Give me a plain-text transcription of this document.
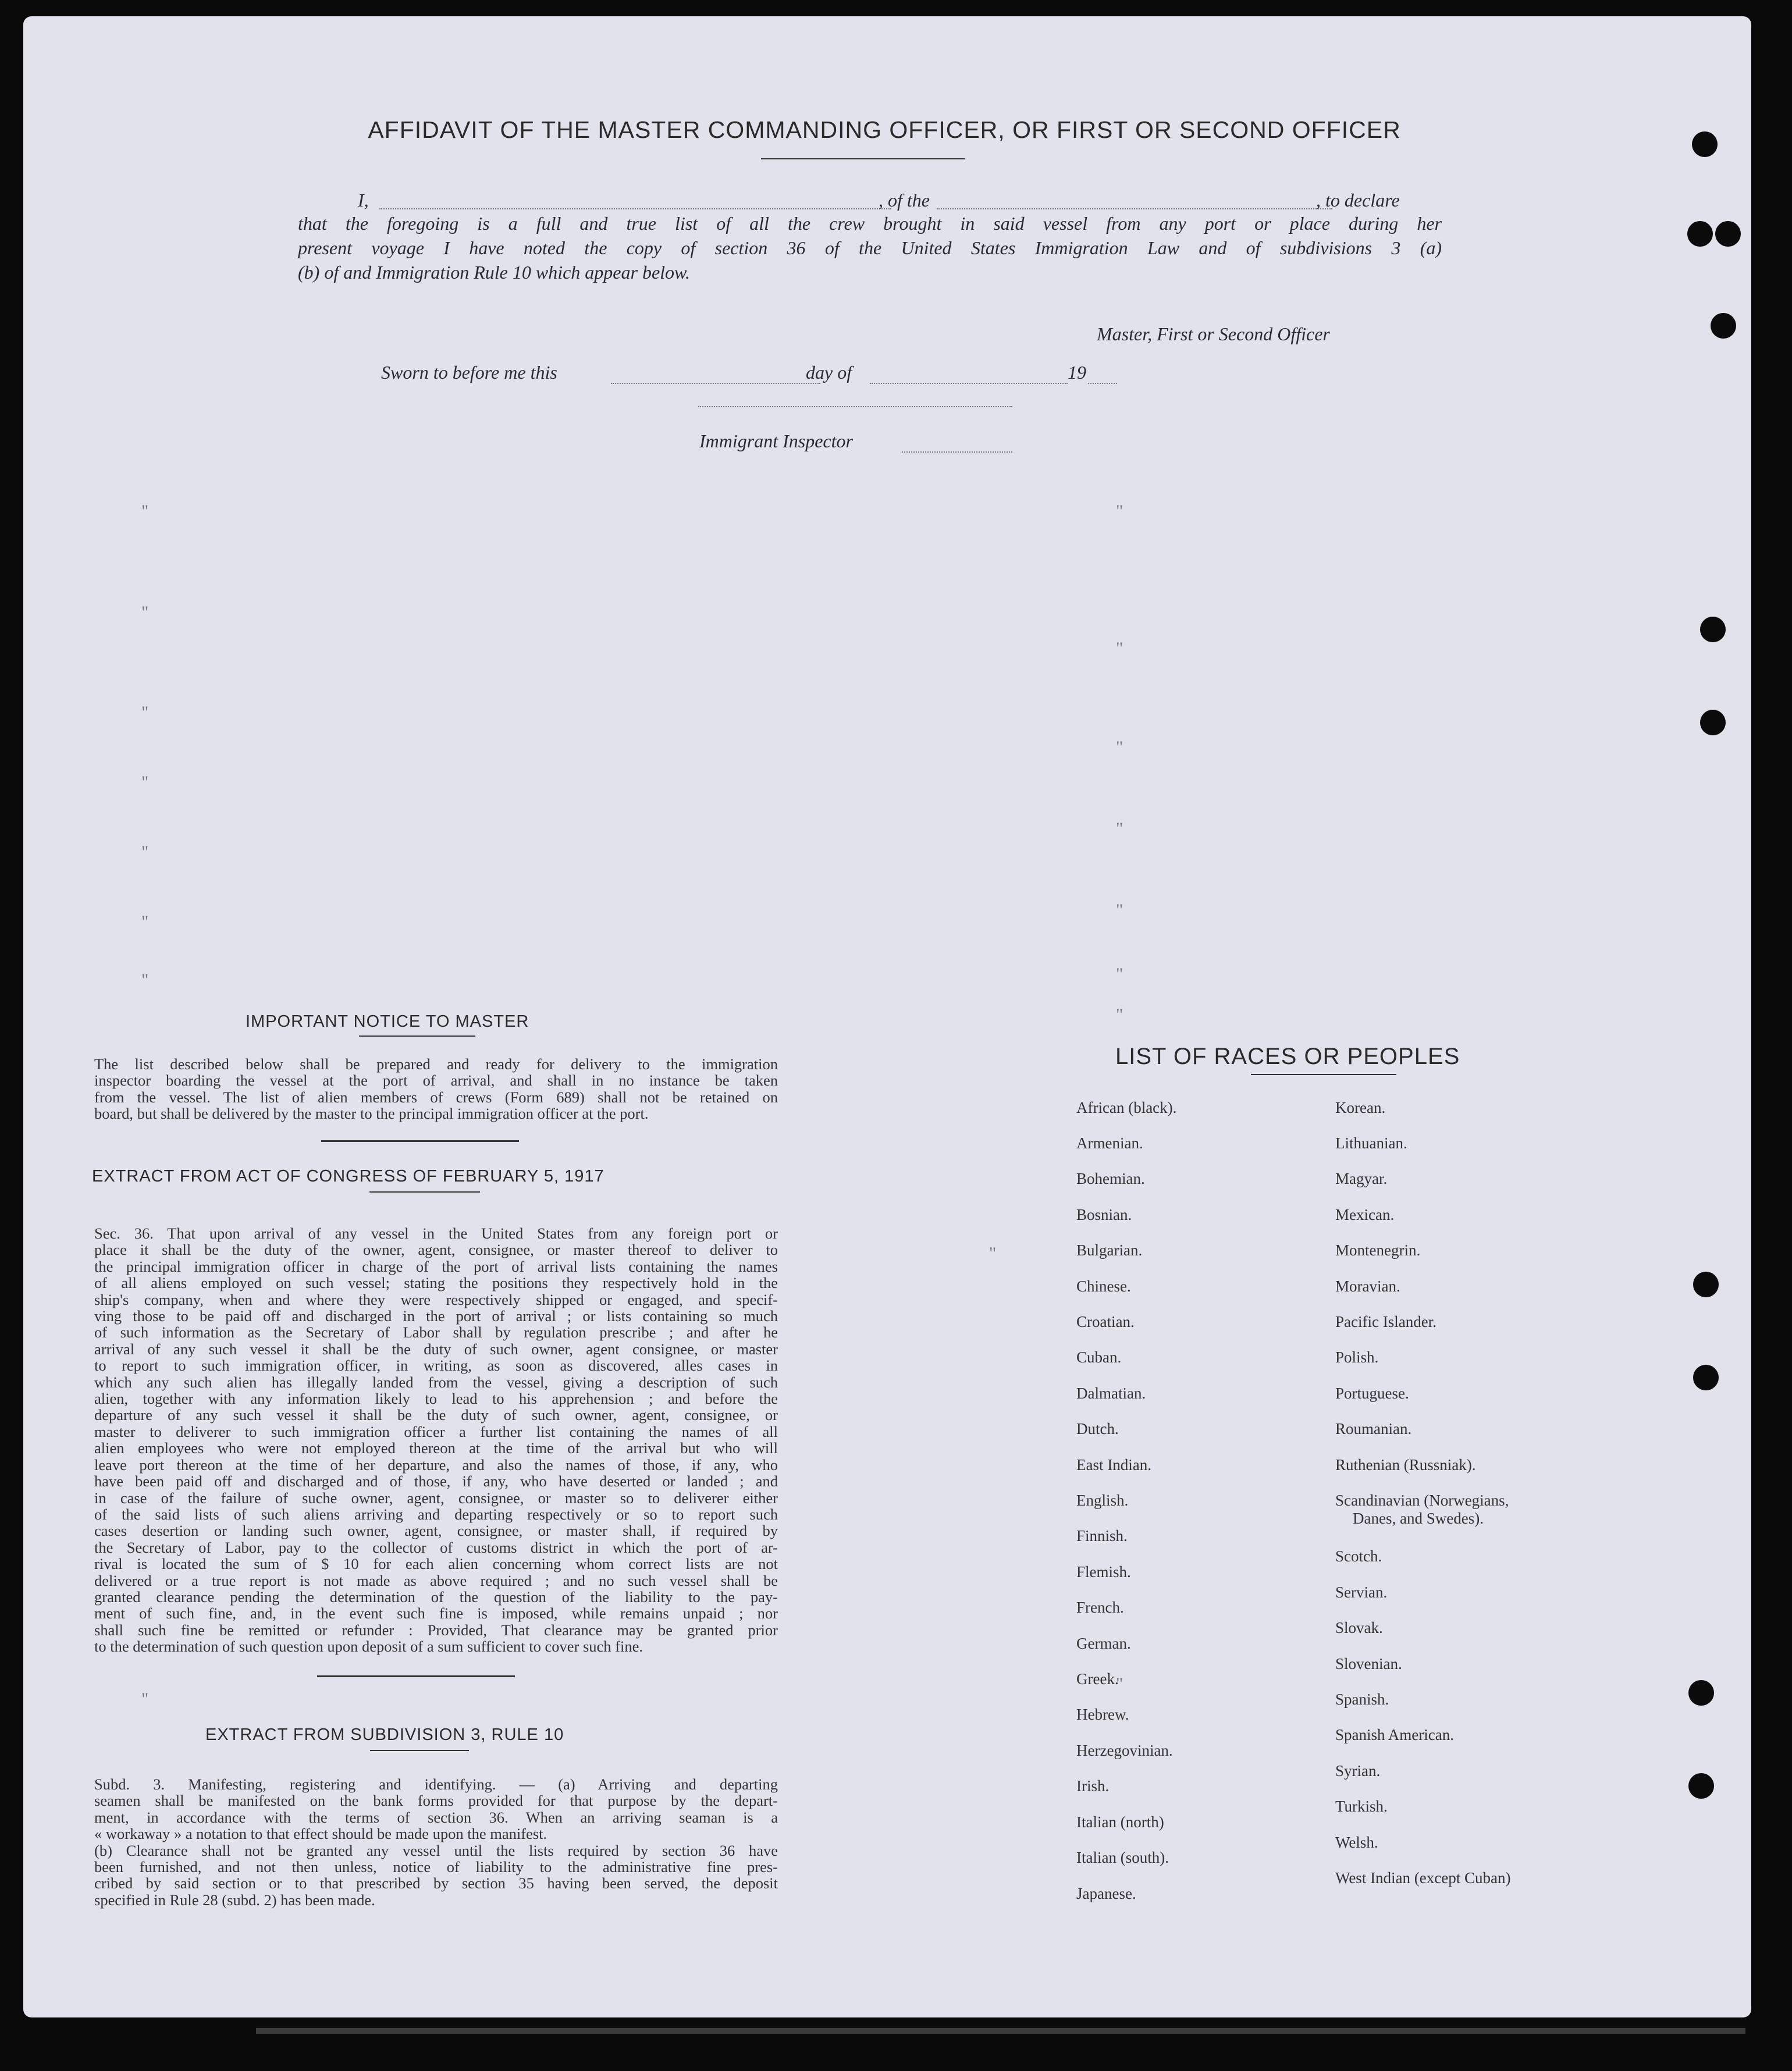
AFFIDAVIT OF THE MASTER COMMANDING OFFICER, OR FIRST OR SECOND OFFICER
I,	, of the	, to declare
that the foregoing is a full and true list of all the crew brought in said vessel from any port or place during her
present voyage I have noted the copy of section 36 of the United States Immigration Law and of subdivisions 3 (a)
(b) of and Immigration Rule 10 which appear below.
Master, First or Second Officer
Sworn to before me this	day of	19
Immigrant Inspector
"	"
"
"
"
"
"
"
"
"
"
"
"
"
"
"
"
IMPORTANT NOTICE TO MASTER

The list described below shall be prepared and ready for delivery to the immigration

inspector boarding the vessel at the port of arrival, and shall in no instance be taken

from the vessel. The list of alien members of crews (Form 689) shall not be retained on

board, but shall be delivered by the master to the principal immigration officer at the port.

EXTRACT FROM ACT OF CONGRESS OF FEBRUARY 5, 1917

Sec. 36. That upon arrival of any vessel in the United States from any foreign port or

place it shall be the duty of the owner, agent, consignee, or master thereof to deliver to

the principal immigration officer in charge of the port of arrival lists containing the names

of all aliens employed on such vessel; stating the positions they respectively hold in the

ship's company, when and where they were respectively shipped or engaged, and specif-

ving those to be paid off and discharged in the port of arrival ; or lists containing so much

of such information as the Secretary of Labor shall by regulation prescribe ; and after he

arrival of any such vessel it shall be the duty of such owner, agent consignee, or master

to report to such immigration officer, in writing, as soon as discovered, alles cases in

which any such alien has illegally landed from the vessel, giving a description of such

alien, together with any information likely to lead to his apprehension ; and before the

departure of any such vessel it shall be the duty of such owner, agent, consignee, or

master to deliverer to such immigration officer a further list containing the names of all

alien employees who were not employed thereon at the time of the arrival but who will

leave port thereon at the time of her departure, and also the names of those, if any, who

have been paid off and discharged and of those, if any, who have deserted or landed ; and

in case of the failure of suche owner, agent, consignee, or master so to deliverer either

of the said lists of such aliens arriving and departing respectively or so to report such

cases desertion or landing such owner, agent, consignee, or master shall, if required by

the Secretary of Labor, pay to the collector of customs district in which the port of ar-

rival is located the sum of $ 10 for each alien concerning whom correct lists are not

delivered or a true report is not made as above required ; and no such vessel shall be

granted clearance pending the determination of the question of the liability to the pay-

ment of such fine, and, in the event such fine is imposed, while remains unpaid ; nor

shall such fine be remitted or refunder : Provided, That clearance may be granted prior

to the determination of such question upon deposit of a sum sufficient to cover such fine.

EXTRACT FROM SUBDIVISION 3, RULE 10

Subd. 3. Manifesting, registering and identifying. — (a) Arriving and departing

seamen shall be manifested on the bank forms provided for that purpose by the depart-

ment, in accordance with the terms of section 36. When an arriving seaman is a

« workaway » a notation to that effect should be made upon the manifest.

(b) Clearance shall not be granted any vessel until the lists required by section 36 have

been furnished, and not then unless, notice of liability to the administrative fine pres-

cribed by said section or to that prescribed by section 35 having been served, the deposit

specified in Rule 28 (subd. 2) has been made.

LIST OF RACES OR PEOPLES
African (black).
Armenian.
Bohemian.
Bosnian.
Bulgarian.
Chinese.
Croatian.
Cuban.
Dalmatian.
Dutch.
East Indian.
English.
Finnish.
Flemish.
French.
German.
Greek.
Hebrew.
Herzegovinian.
Irish.
Italian (north)
Italian (south).
Japanese.
Korean.
Lithuanian.
Magyar.
Mexican.
Montenegrin.
Moravian.
Pacific Islander.
Polish.
Portuguese.
Roumanian.
Ruthenian (Russniak).
Scandinavian (Norwegians,
Danes, and Swedes).
Scotch.
Servian.
Slovak.
Slovenian.
Spanish.
Spanish American.
Syrian.
Turkish.
Welsh.
West Indian (except Cuban)
